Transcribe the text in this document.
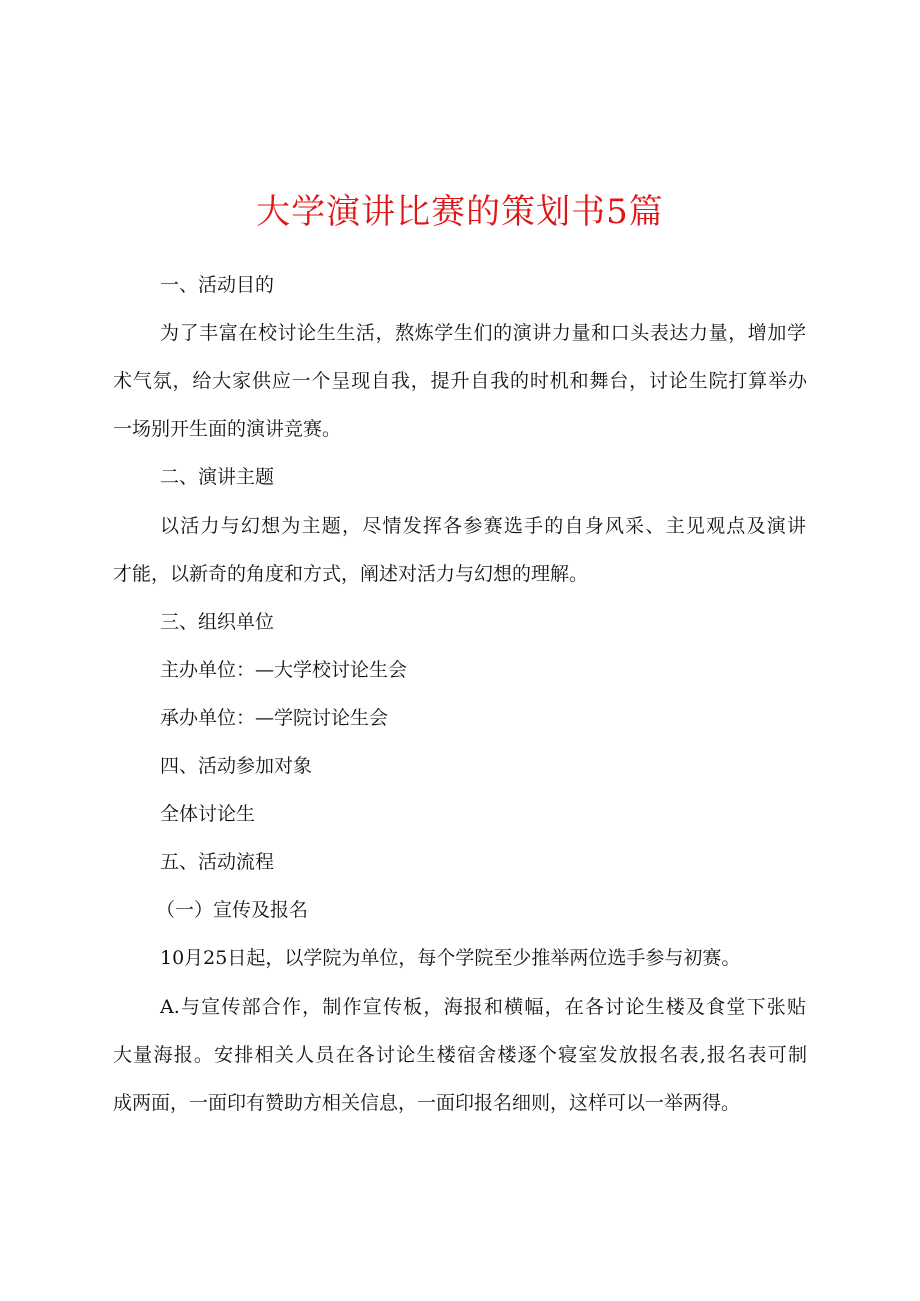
大学演讲比赛的策划书5篇
一、活动目的
为了丰富在校讨论生生活，熬炼学生们的演讲力量和口头表达力量，增加学
术气氛，给大家供应一个呈现自我，提升自我的时机和舞台，讨论生院打算举办
一场别开生面的演讲竞赛。
二、演讲主题
以活力与幻想为主题，尽情发挥各参赛选手的自身风采、主见观点及演讲
才能，以新奇的角度和方式，阐述对活力与幻想的理解。
三、组织单位
主办单位：—大学校讨论生会
承办单位：—学院讨论生会
四、活动参加对象
全体讨论生
五、活动流程
（一）宣传及报名
10月25日起，以学院为单位，每个学院至少推举两位选手参与初赛。
A.与宣传部合作，制作宣传板，海报和横幅，在各讨论生楼及食堂下张贴
大量海报。安排相关人员在各讨论生楼宿舍楼逐个寝室发放报名表,报名表可制
成两面，一面印有赞助方相关信息，一面印报名细则，这样可以一举两得。
